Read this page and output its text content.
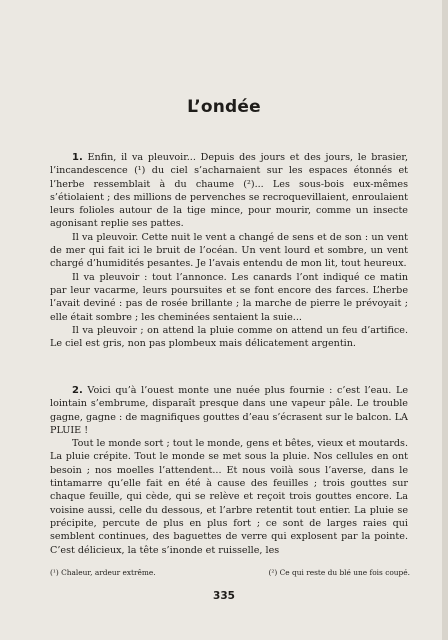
L’ondée

1. Enfin, il va pleuvoir... Depuis des jours et des jours, le brasier, l’incandescence (¹) du ciel s’acharnaient sur les espaces étonnés et l’herbe ressemblait à du chaume (²)... Les sous-bois eux-mêmes s’étiolaient ; des millions de pervenches se recroquevillaient, enroulaient leurs folioles autour de la tige mince, pour mourir, comme un insecte agonisant replie ses pattes.

Il va pleuvoir. Cette nuit le vent a changé de sens et de son : un vent de mer qui fait ici le bruit de l’océan. Un vent lourd et sombre, un vent chargé d’humidités pesantes. Je l’avais entendu de mon lit, tout heureux.

Il va pleuvoir : tout l’annonce. Les canards l’ont indiqué ce matin par leur vacarme, leurs poursuites et se font encore des farces. L’herbe l’avait deviné : pas de rosée brillante ; la marche de pierre le prévoyait ; elle était sombre ; les cheminées sentaient la suie...

Il va pleuvoir ; on attend la pluie comme on attend un feu d’artifice. Le ciel est gris, non pas plombeux mais délicatement argentin.

2. Voici qu’à l’ouest monte une nuée plus fournie : c’est l’eau. Le lointain s’embrume, disparaît presque dans une vapeur pâle. Le trouble gagne, gagne : de magnifiques gouttes d’eau s’écrasent sur le balcon. LA PLUIE !

Tout le monde sort ; tout le monde, gens et bêtes, vieux et moutards. La pluie crépite. Tout le monde se met sous la pluie. Nos cellules en ont besoin ; nos moelles l’attendent... Et nous voilà sous l’averse, dans le tintamarre qu’elle fait en été à cause des feuilles ; trois gouttes sur chaque feuille, qui cède, qui se relève et reçoit trois gouttes encore. La voisine aussi, celle du dessous, et l’arbre retentit tout entier. La pluie se précipite, percute de plus en plus fort ; ce sont de larges raies qui semblent continues, des baguettes de verre qui explosent par la pointe. C’est délicieux, la tête s’inonde et ruisselle, les

(¹) Chaleur, ardeur extrême.	(²) Ce qui reste du blé une fois coupé.
335
